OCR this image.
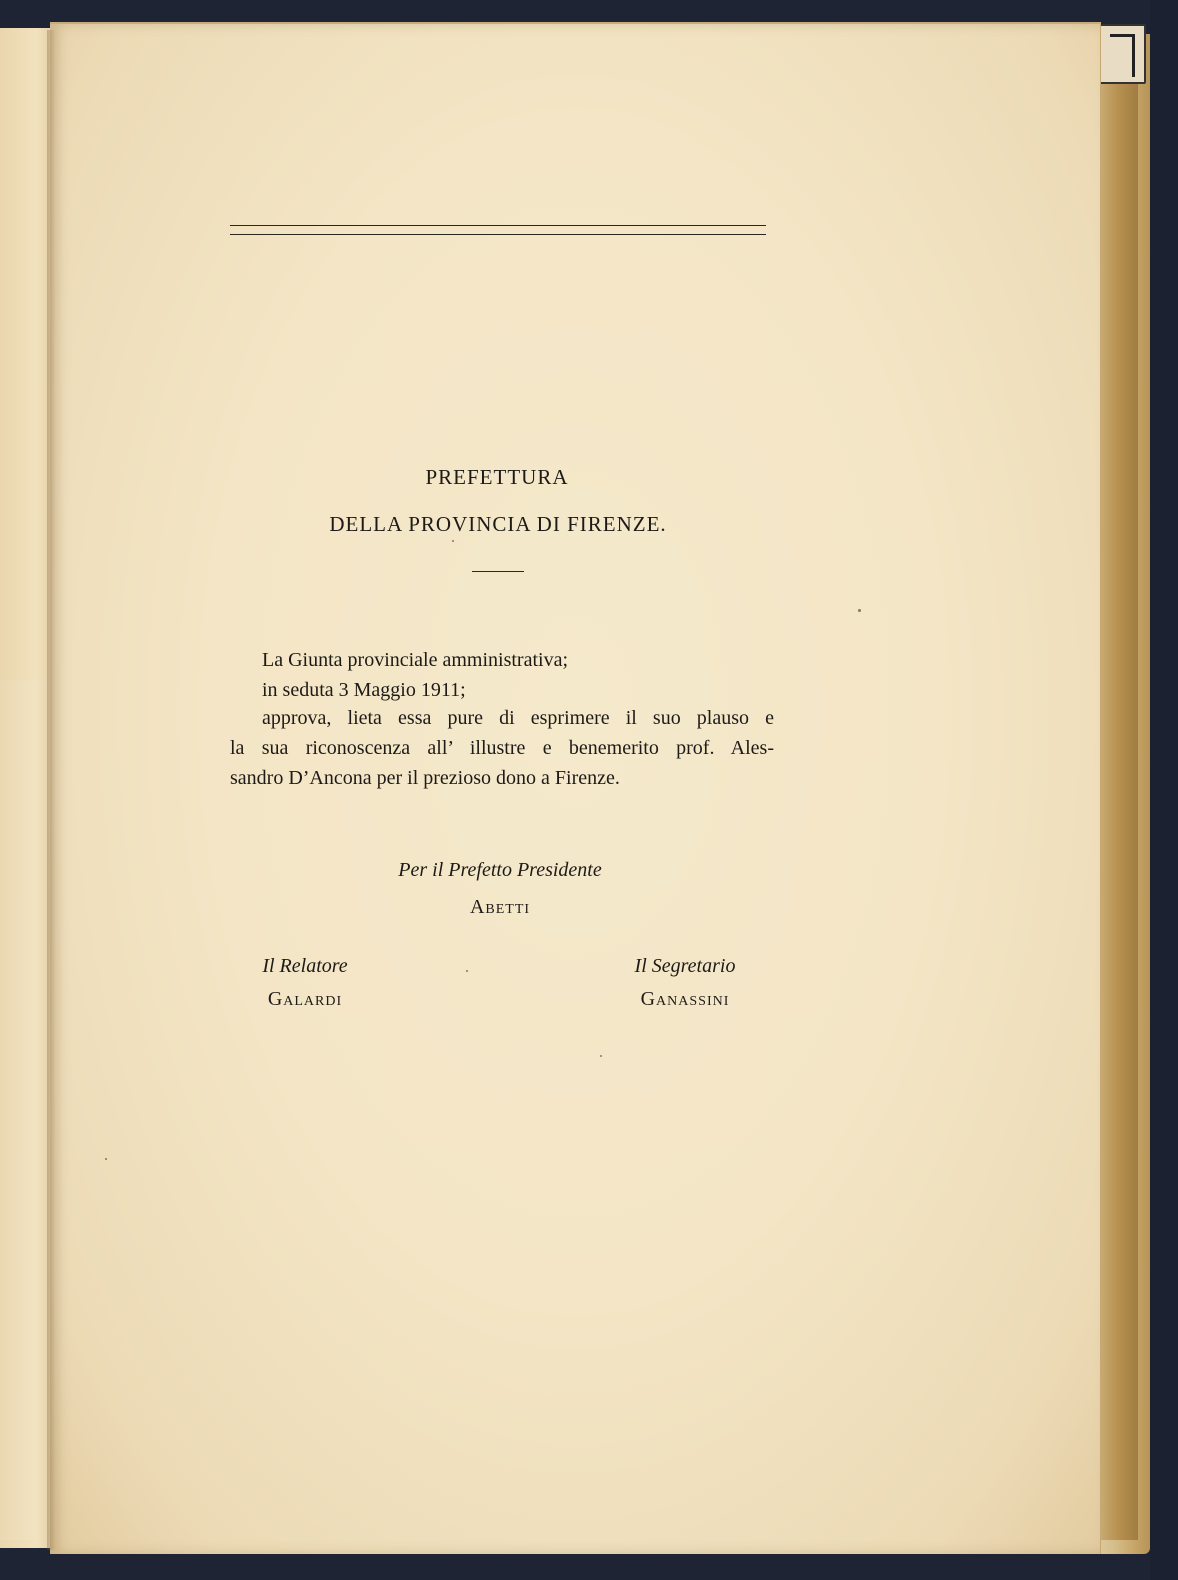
PREFETTURA
DELLA PROVINCIA DI FIRENZE.
La Giunta provinciale amministrativa;
in seduta 3 Maggio 1911;
approva, lieta essa pure di esprimere il suo plauso e
la sua riconoscenza all’ illustre e benemerito prof. Ales-
sandro D’Ancona per il prezioso dono a Firenze.
Per il Prefetto Presidente
Abetti
Il Relatore
Galardi
Il Segretario
Ganassini
